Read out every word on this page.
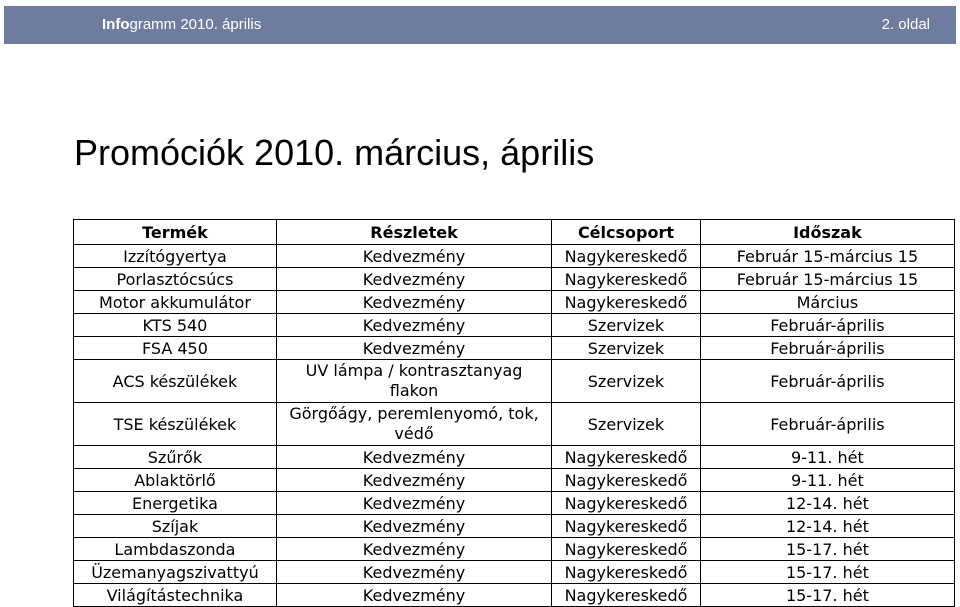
Infogramm 2010. április	2. oldal
Promóciók 2010. március, április
Termék	Részletek	Célcsoport	Időszak
Izzítógyertya	Kedvezmény	Nagykereskedő	Február 15-március 15
Porlasztócsúcs	Kedvezmény	Nagykereskedő	Február 15-március 15
Motor akkumulátor	Kedvezmény	Nagykereskedő	Március
KTS 540	Kedvezmény	Szervizek	Február-április
FSA 450	Kedvezmény	Szervizek	Február-április
ACS készülékek	UV lámpa / kontrasztanyag flakon	Szervizek	Február-április
TSE készülékek	Görgőágy, peremlenyomó, tok, védő	Szervizek	Február-április
Szűrők	Kedvezmény	Nagykereskedő	9-11. hét
Ablaktörlő	Kedvezmény	Nagykereskedő	9-11. hét
Energetika	Kedvezmény	Nagykereskedő	12-14. hét
Szíjak	Kedvezmény	Nagykereskedő	12-14. hét
Lambdaszonda	Kedvezmény	Nagykereskedő	15-17. hét
Üzemanyagszivattyú	Kedvezmény	Nagykereskedő	15-17. hét
Világítástechnika	Kedvezmény	Nagykereskedő	15-17. hét
